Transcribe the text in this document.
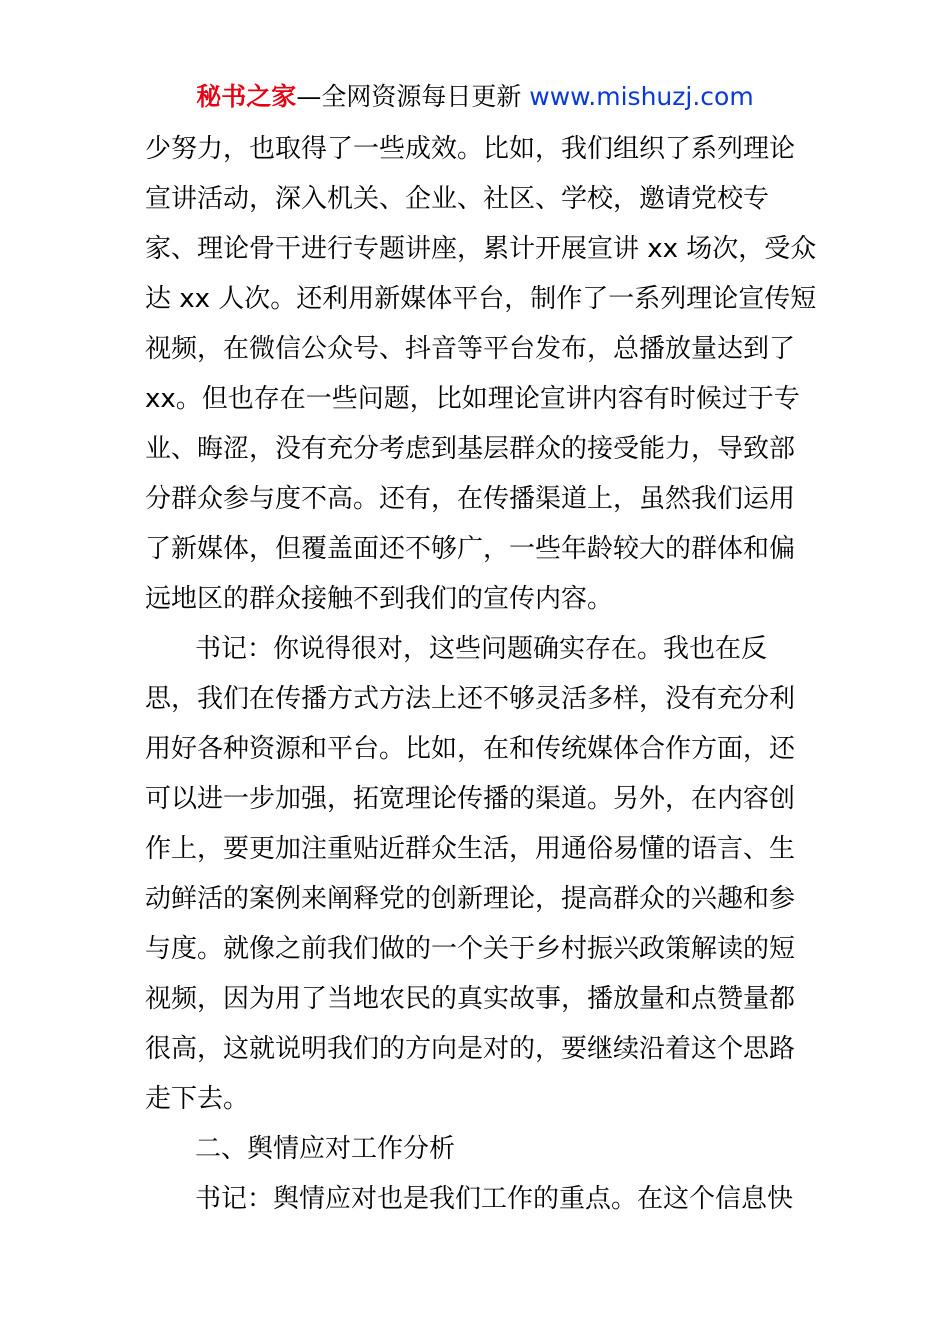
秘书之家—全网资源每日更新 www.mishuzj.com
少努力，也取得了一些成效。比如，我们组织了系列理论
宣讲活动，深入机关、企业、社区、学校，邀请党校专
家、理论骨干进行专题讲座，累计开展宣讲 xx 场次，受众
达 xx 人次。还利用新媒体平台，制作了一系列理论宣传短
视频，在微信公众号、抖音等平台发布，总播放量达到了
xx。但也存在一些问题，比如理论宣讲内容有时候过于专
业、晦涩，没有充分考虑到基层群众的接受能力，导致部
分群众参与度不高。还有，在传播渠道上，虽然我们运用
了新媒体，但覆盖面还不够广，一些年龄较大的群体和偏
远地区的群众接触不到我们的宣传内容。
书记：你说得很对，这些问题确实存在。我也在反
思，我们在传播方式方法上还不够灵活多样，没有充分利
用好各种资源和平台。比如，在和传统媒体合作方面，还
可以进一步加强，拓宽理论传播的渠道。另外，在内容创
作上，要更加注重贴近群众生活，用通俗易懂的语言、生
动鲜活的案例来阐释党的创新理论，提高群众的兴趣和参
与度。就像之前我们做的一个关于乡村振兴政策解读的短
视频，因为用了当地农民的真实故事，播放量和点赞量都
很高，这就说明我们的方向是对的，要继续沿着这个思路
走下去。
二、舆情应对工作分析
书记：舆情应对也是我们工作的重点。在这个信息快
